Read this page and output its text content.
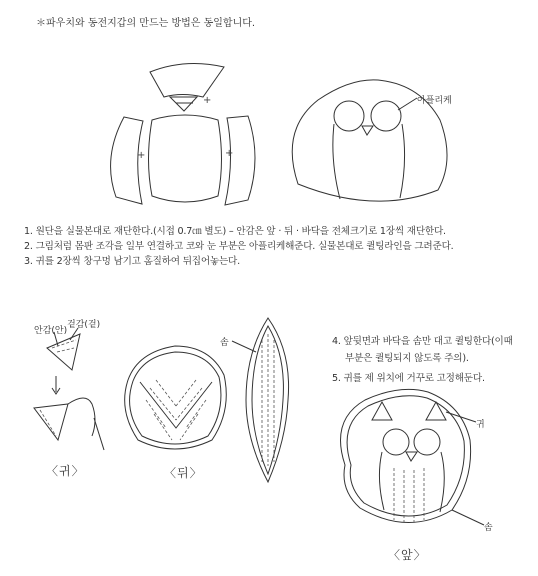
＊파우치와 동전지갑의 만드는 방법은 동일합니다.
+
+	+
1. 원단을 실물본대로 재단한다.(시접 0.7㎝ 별도) – 안감은 앞 · 뒤 · 바닥을 전체크기로 1장씩 재단한다.
2. 그림처럼 몸판 조각을 일부 연결하고 코와 눈 부분은 아플리케해준다. 실물본대로 퀼팅라인을 그려준다.
3. 귀를 2장씩 창구멍 남기고 홈질하여 뒤집어놓는다.
4. 앞뒷면과 바닥을 솜만 대고 퀼팅한다(이때
부분은 퀼팅되지 않도록 주의).
5. 귀를 제 위치에 거꾸로 고정해둔다.
아플리케
안감(안)
겉감(겉)
솜
귀
솜
〈귀〉	〈뒤〉
〈앞〉
